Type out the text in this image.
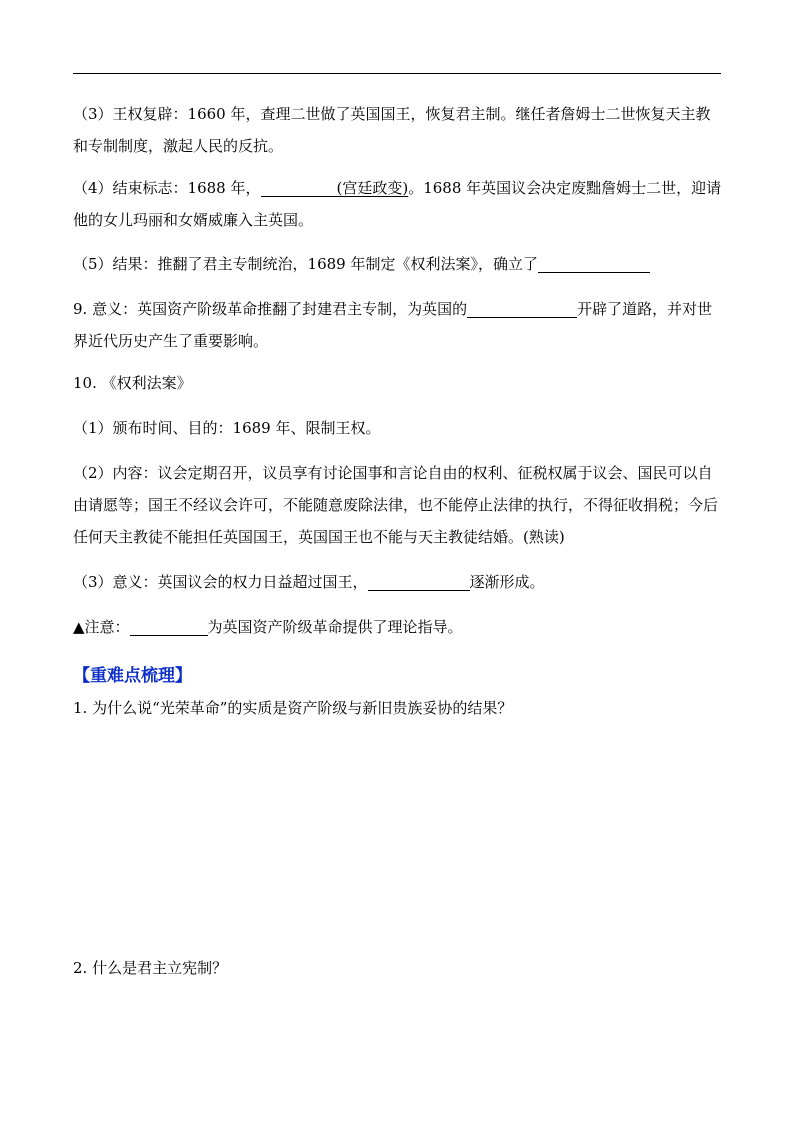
（3）王权复辟：1660 年，查理二世做了英国国王，恢复君主制。继任者詹姆士二世恢复天主教和专制制度，激起人民的反抗。
（4）结束标志：1688 年，	(宫廷政变)。1688 年英国议会决定废黜詹姆士二世，迎请他的女儿玛丽和女婿威廉入主英国。
（5）结果：推翻了君主专制统治，1689 年制定《权利法案》，确立了
9. 意义：英国资产阶级革命推翻了封建君主专制，为英国的	开辟了道路，并对世界近代历史产生了重要影响。
10. 《权利法案》
（1）颁布时间、目的：1689 年、限制王权。
（2）内容：议会定期召开，议员享有讨论国事和言论自由的权利、征税权属于议会、国民可以自由请愿等；国王不经议会许可，不能随意废除法律，也不能停止法律的执行，不得征收捐税；今后任何天主教徒不能担任英国国王，英国国王也不能与天主教徒结婚。(熟读)
（3）意义：英国议会的权力日益超过国王，	逐渐形成。
▲注意：	为英国资产阶级革命提供了理论指导。
【重难点梳理】
1. 为什么说“光荣革命”的实质是资产阶级与新旧贵族妥协的结果？
2. 什么是君主立宪制？
